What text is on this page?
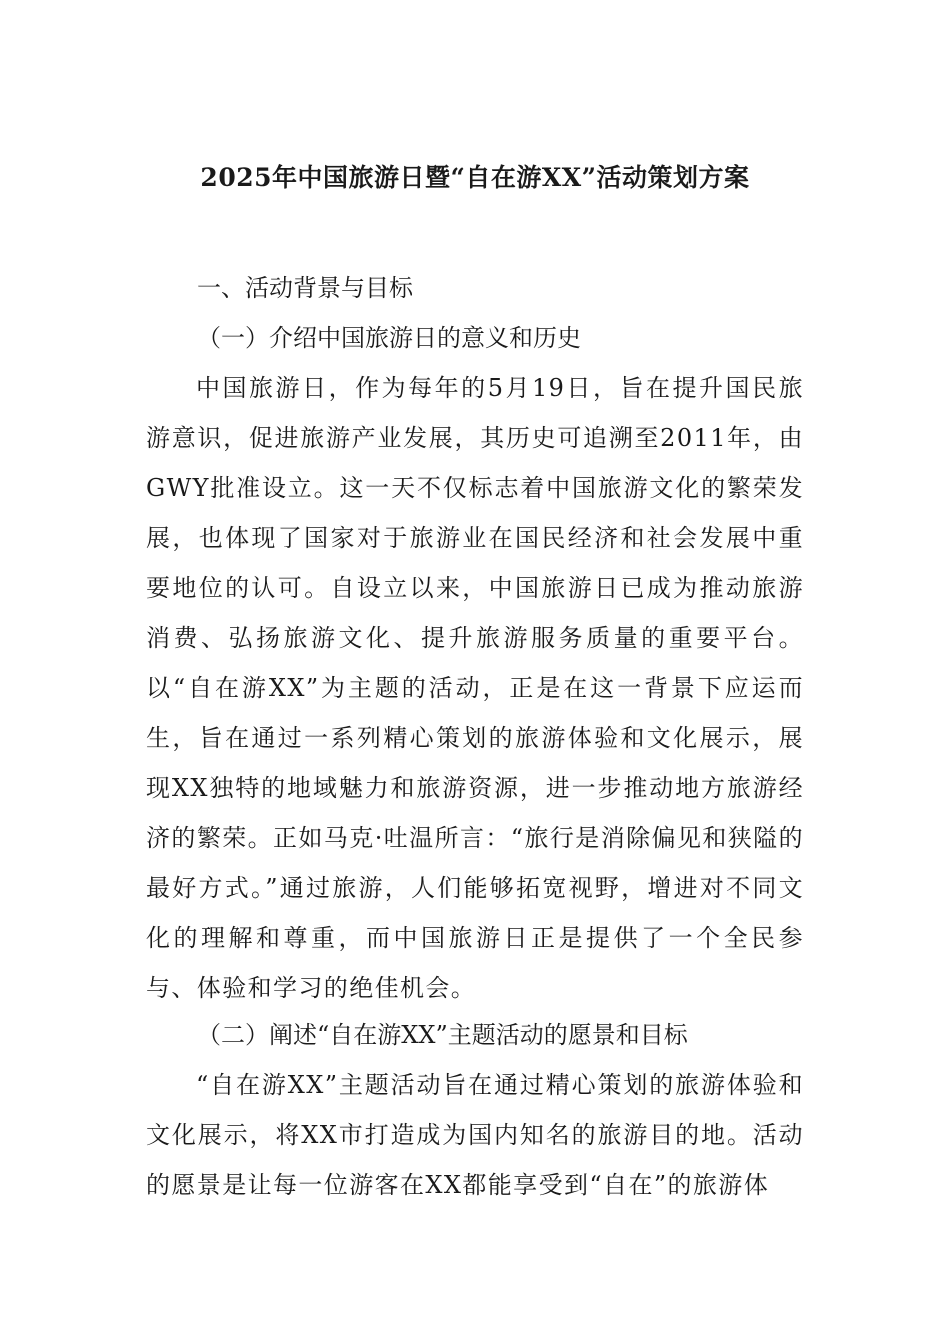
2025年中国旅游日暨“自在游XX”活动策划方案
一、活动背景与目标
（一）介绍中国旅游日的意义和历史

中国旅游日，作为每年的5月19日，旨在提升国民旅游意识，促进旅游产业发展，其历史可追溯至2011年，由GWY批准设立。这一天不仅标志着中国旅游文化的繁荣发展，也体现了国家对于旅游业在国民经济和社会发展中重要地位的认可。自设立以来，中国旅游日已成为推动旅游消费、弘扬旅游文化、提升旅游服务质量的重要平台。以“自在游XX”为主题的活动，正是在这一背景下应运而生，旨在通过一系列精心策划的旅游体验和文化展示，展现XX独特的地域魅力和旅游资源，进一步推动地方旅游经济的繁荣。正如马克·吐温所言：“旅行是消除偏见和狭隘的最好方式。”通过旅游，人们能够拓宽视野，增进对不同文化的理解和尊重，而中国旅游日正是提供了一个全民参与、体验和学习的绝佳机会。

（二）阐述“自在游XX”主题活动的愿景和目标

“自在游XX”主题活动旨在通过精心策划的旅游体验和文化展示，将XX市打造成为国内知名的旅游目的地。活动的愿景是让每一位游客在XX都能享受到“自在”的旅游体
